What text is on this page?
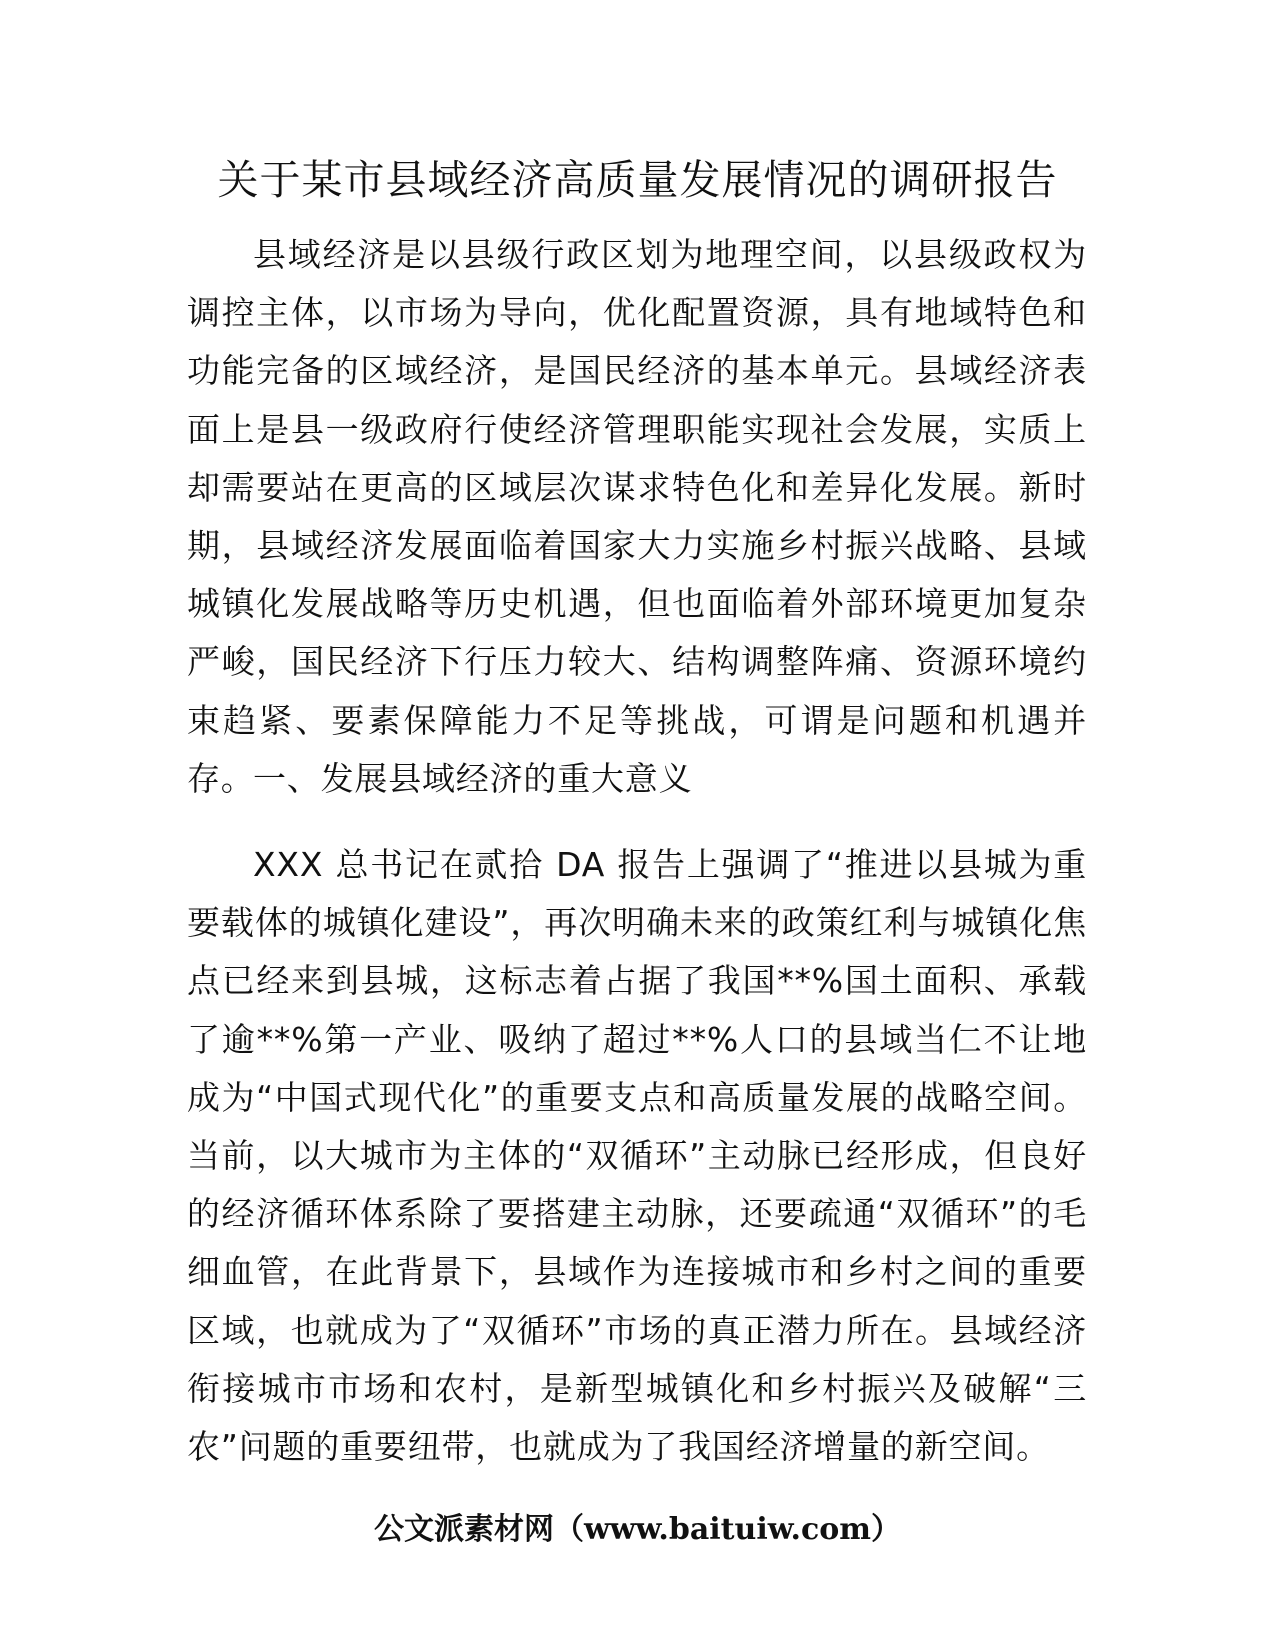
关于某市县域经济高质量发展情况的调研报告

县域经济是以县级行政区划为地理空间，以县级政权为调控主体，以市场为导向，优化配置资源，具有地域特色和功能完备的区域经济，是国民经济的基本单元。县域经济表面上是县一级政府行使经济管理职能实现社会发展，实质上却需要站在更高的区域层次谋求特色化和差异化发展。新时期，县域经济发展面临着国家大力实施乡村振兴战略、县域城镇化发展战略等历史机遇，但也面临着外部环境更加复杂严峻，国民经济下行压力较大、结构调整阵痛、资源环境约束趋紧、要素保障能力不足等挑战，可谓是问题和机遇并存。

一、发展县域经济的重大意义

XXX 总书记在贰拾 DA 报告上强调了“推进以县城为重要载体的城镇化建设”，再次明确未来的政策红利与城镇化焦点已经来到县城，这标志着占据了我国**%国土面积、承载了逾**%第一产业、吸纳了超过**%人口的县域当仁不让地成为“中国式现代化”的重要支点和高质量发展的战略空间。当前，以大城市为主体的“双循环”主动脉已经形成，但良好的经济循环体系除了要搭建主动脉，还要疏通“双循环”的毛细血管，在此背景下，县域作为连接城市和乡村之间的重要区域，也就成为了“双循环”市场的真正潜力所在。县域经济衔接城市市场和农村，是新型城镇化和乡村振兴及破解“三农”问题的重要纽带，也就成为了我国经济增量的新空间。

公文派素材网（www.baituiw.com）
